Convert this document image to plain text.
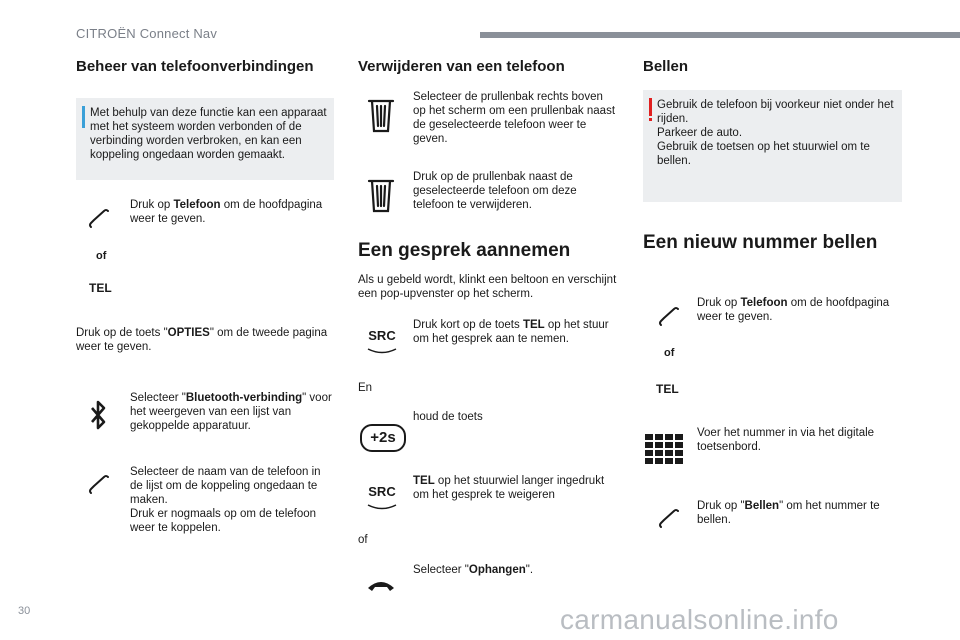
CITROËN Connect Nav
Beheer van telefoonverbindingen
Met behulp van deze functie kan een apparaat met het systeem worden verbonden of de verbinding worden verbroken, en kan een koppeling ongedaan worden gemaakt.
Druk op Telefoon om de hoofdpagina weer te geven.
of
TEL
Druk op de toets "OPTIES" om de tweede pagina weer te geven.
Selecteer "Bluetooth-verbinding" voor het weergeven van een lijst van gekoppelde apparatuur.
Selecteer de naam van de telefoon in de lijst om de koppeling ongedaan te maken.
Druk er nogmaals op om de telefoon weer te koppelen.
Verwijderen van een telefoon
Selecteer de prullenbak rechts boven op het scherm om een prullenbak naast de geselecteerde telefoon weer te geven.
Druk op de prullenbak naast de geselecteerde telefoon om deze telefoon te verwijderen.
Een gesprek aannemen
Als u gebeld wordt, klinkt een beltoon en verschijnt een pop-upvenster op het scherm.
SRC
Druk kort op de toets TEL op het stuur om het gesprek aan te nemen.
En
+2s
houd de toets
SRC
TEL op het stuurwiel langer ingedrukt om het gesprek te weigeren
of
Selecteer "Ophangen".
Bellen
Gebruik de telefoon bij voorkeur niet onder het rijden.
Parkeer de auto.
Gebruik de toetsen op het stuurwiel om te bellen.
Een nieuw nummer bellen
Druk op Telefoon om de hoofdpagina weer te geven.
of
TEL
Voer het nummer in via het digitale toetsenbord.
Druk op "Bellen" om het nummer te bellen.
30	carmanualsonline.info
